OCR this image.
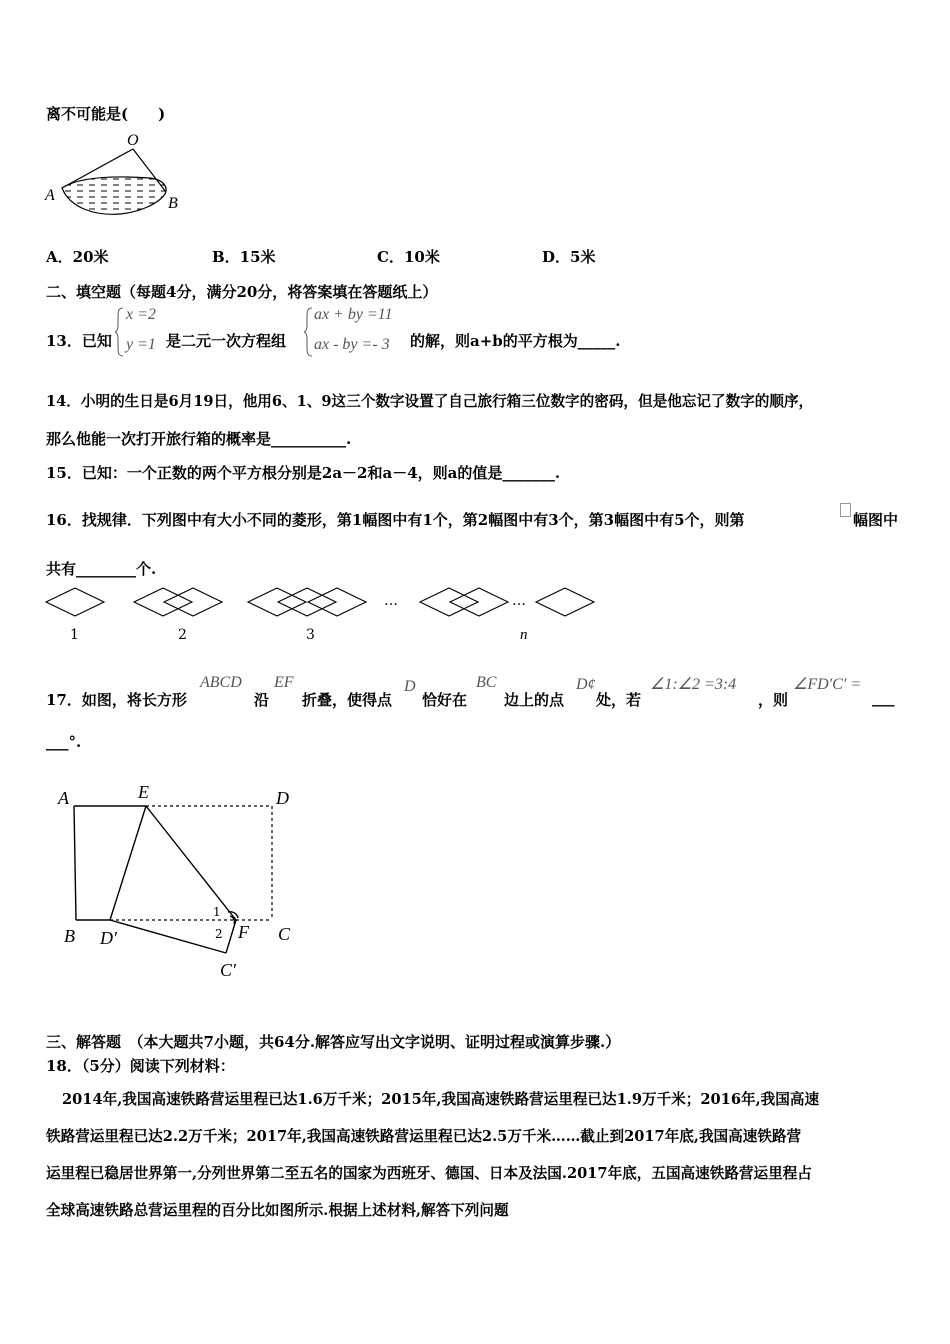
离不可能是(　　)
O
A	B
A．20米	B．15米	C．10米	D．5米
二、填空题（每题4分，满分20分，将答案填在答题纸上）
13．已知
x =2
y =1 是二元一次方程组
ax + by =11
ax - by =- 3 的解，则a+b的平方根为_____.
14．小明的生日是6月19日，他用6、1、9这三个数字设置了自己旅行箱三位数字的密码，但是他忘记了数字的顺序，
那么他能一次打开旅行箱的概率是__________.
15．已知：一个正数的两个平方根分别是2a－2和a－4，则a的值是_______.
16．找规律．下列图中有大小不同的菱形，第1幅图中有1个，第2幅图中有3个，第3幅图中有5个，则第	幅图中
共有________个.
…	…
1	2	3	n
17．如图，将长方形
ABCD
沿
EF
折叠，使得点
D
恰好在
BC
边上的点
D¢
处，若
∠1:∠2 =3:4
，则
∠FD′C′ =
___
___°.
A	E	D
B D′	F C
C′
1
2
三、解答题　（本大题共7小题，共64分.解答应写出文字说明、证明过程或演算步骤.）
18．（5分）阅读下列材料：
2014年,我国高速铁路营运里程已达1.6万千米；2015年,我国高速铁路营运里程已达1.9万千米；2016年,我国高速
铁路营运里程已达2.2万千米；2017年,我国高速铁路营运里程已达2.5万千米……截止到2017年底,我国高速铁路营
运里程已稳居世界第一,分列世界第二至五名的国家为西班牙、德国、日本及法国.2017年底，五国高速铁路营运里程占
全球高速铁路总营运里程的百分比如图所示.根据上述材料,解答下列问题
